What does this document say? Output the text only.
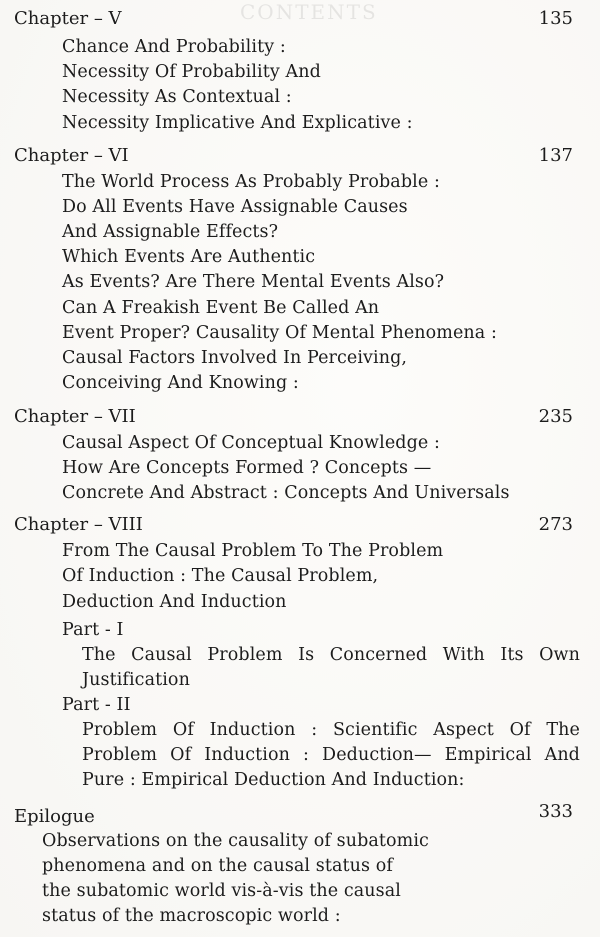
CONTENTS
Chapter – V	135
Chance And Probability :
Necessity Of Probability And
Necessity As Contextual :
Necessity Implicative And Explicative :
Chapter – VI	137
The World Process As Probably Probable :
Do All Events Have Assignable Causes
And Assignable Effects?
Which Events Are Authentic
As Events? Are There Mental Events Also?
Can A Freakish Event Be Called An
Event Proper? Causality Of Mental Phenomena :
Causal Factors Involved In Perceiving,
Conceiving And Knowing :
Chapter – VII	235
Causal Aspect Of Conceptual Knowledge :
How Are Concepts Formed ? Concepts —
Concrete And Abstract : Concepts And Universals
Chapter – VIII	273
From The Causal Problem To The Problem
Of Induction : The Causal Problem,
Deduction And Induction
Part - I
The Causal Problem Is Concerned With Its Own
Justification
Part - II
Problem Of Induction : Scientific Aspect Of The
Problem Of Induction : Deduction— Empirical And
Pure : Empirical Deduction And Induction:
Epilogue	333
Observations on the causality of subatomic
phenomena and on the causal status of
the subatomic world vis-à-vis the causal
status of the macroscopic world :
